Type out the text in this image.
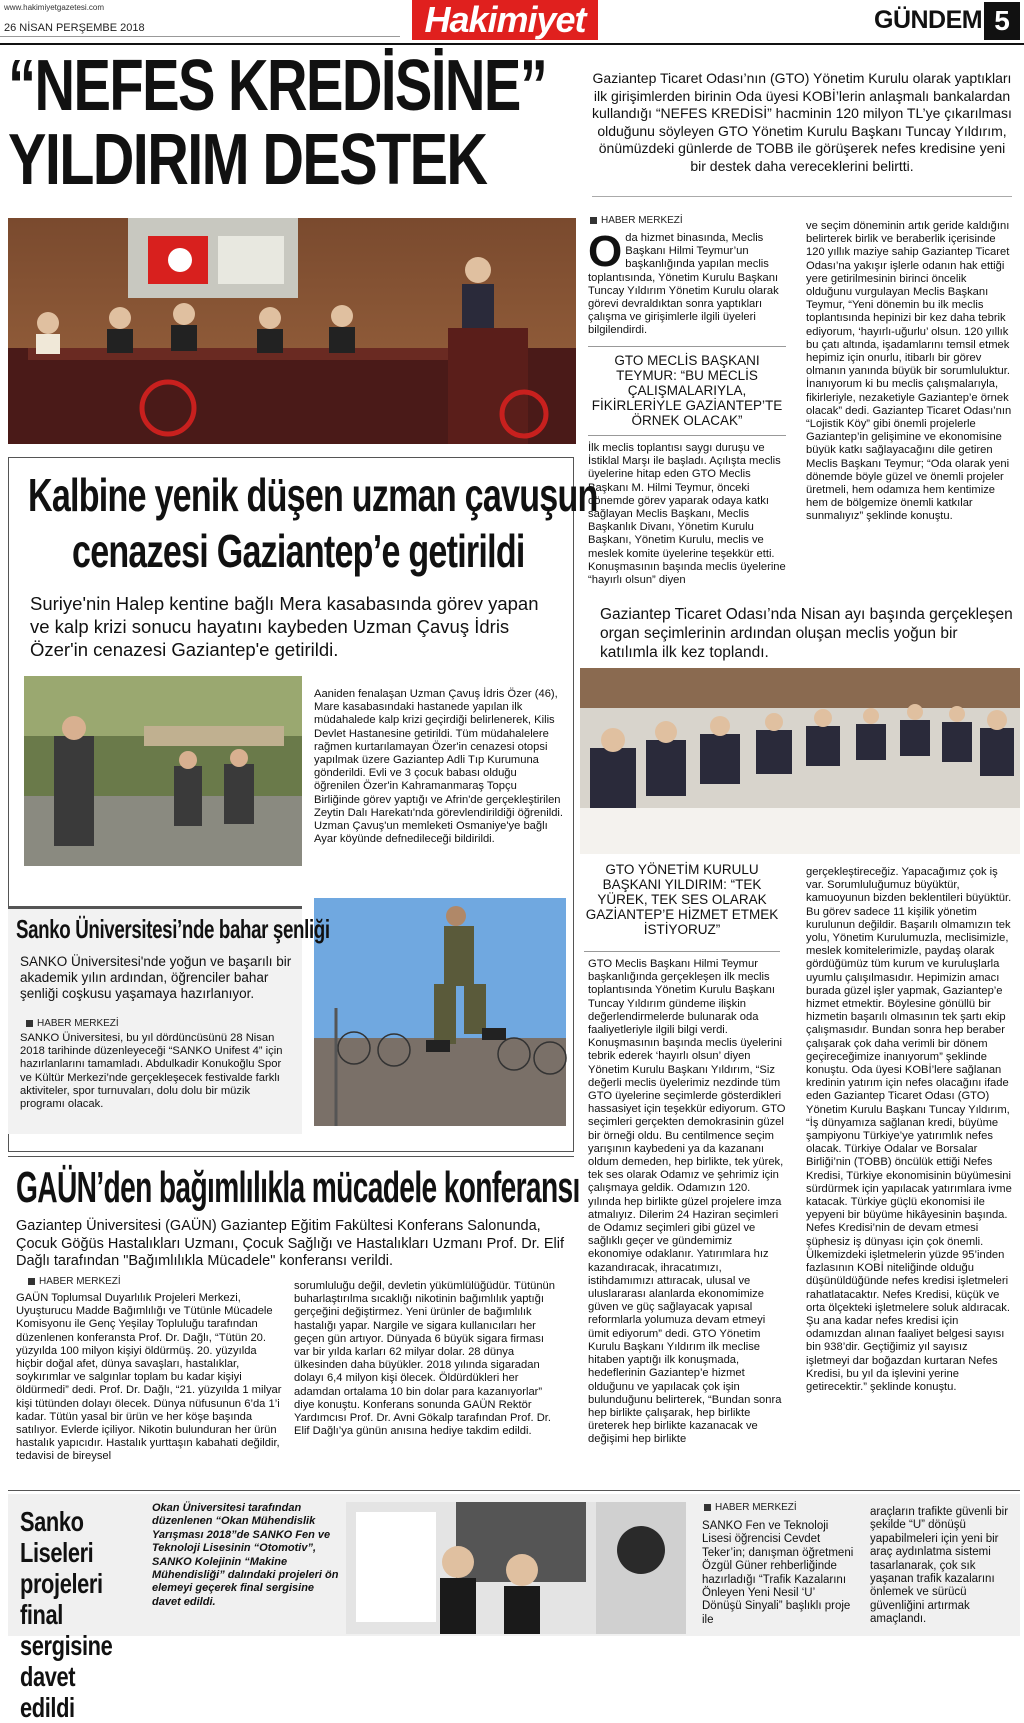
www.hakimiyetgazetesi.com
26 NİSAN PERŞEMBE 2018	Hakimiyet	GÜNDEM 5
“NEFES KREDİSİNE”
YILDIRIM DESTEK
Gaziantep Ticaret Odası’nın (GTO) Yönetim Kurulu olarak yaptıkları ilk girişimlerden birinin Oda üyesi KOBİ’lerin anlaşmalı bankalardan kullandığı “NEFES KREDİSİ” hacminin 120 milyon TL’ye çıkarılması olduğunu söyleyen GTO Yönetim Kurulu Başkanı Tuncay Yıldırım, önümüzdeki günlerde de TOBB ile görüşerek nefes kredisine yeni bir destek daha vereceklerini belirtti.
HABER MERKEZİ
O da hizmet binasında, Meclis Başkanı Hilmi Teymur’un başkanlığında yapılan meclis toplantısında, Yönetim Kurulu Başkanı Tuncay Yıldırım Yönetim Kurulu olarak görevi devraldıktan sonra yaptıkları çalışma ve girişimlerle ilgili üyeleri bilgilendirdi.
GTO MECLİS BAŞKANI TEYMUR: “BU MECLİS ÇALIŞMALARIYLA, FİKİRLERİYLE GAZİANTEP’TE ÖRNEK OLACAK”
İlk meclis toplantısı saygı duruşu ve İstiklal Marşı ile başladı. Açılışta meclis üyelerine hitap eden GTO Meclis Başkanı M. Hilmi Teymur, önceki dönemde görev yaparak odaya katkı sağlayan Meclis Başkanı, Meclis Başkanlık Divanı, Yönetim Kurulu Başkanı, Yönetim Kurulu, meclis ve meslek komite üyelerine teşekkür etti. Konuşmasının başında meclis üyelerine “hayırlı olsun” diyen
ve seçim döneminin artık geride kaldığını belirterek birlik ve beraberlik içerisinde 120 yıllık maziye sahip Gaziantep Ticaret Odası’na yakışır işlerle odanın hak ettiği yere getirilmesinin birinci öncelik olduğunu vurgulayan Meclis Başkanı Teymur, “Yeni dönemin bu ilk meclis toplantısında hepinizi bir kez daha tebrik ediyorum, ‘hayırlı-uğurlu’ olsun. 120 yıllık bu çatı altında, işadamlarını temsil etmek hepimiz için onurlu, itibarlı bir görev olmanın yanında büyük bir sorumluluktur. İnanıyorum ki bu meclis çalışmalarıyla, fikirleriyle, nezaketiyle Gaziantep’e örnek olacak” dedi. Gaziantep Ticaret Odası’nın “Lojistik Köy” gibi önemli projelerle Gaziantep’in gelişimine ve ekonomisine büyük katkı sağlayacağını dile getiren Meclis Başkanı Teymur; “Oda olarak yeni dönemde böyle güzel ve önemli projeler üretmeli, hem odamıza hem kentimize hem de bölgemize önemli katkılar sunmalıyız” şeklinde konuştu.
Gaziantep Ticaret Odası’nda Nisan ayı başında gerçekleşen organ seçimlerinin ardından oluşan meclis yoğun bir katılımla ilk kez toplandı.
GTO YÖNETİM KURULU BAŞKANI YILDIRIM: “TEK YÜREK, TEK SES OLARAK GAZİANTEP’E HİZMET ETMEK İSTİYORUZ”
GTO Meclis Başkanı Hilmi Teymur başkanlığında gerçekleşen ilk meclis toplantısında Yönetim Kurulu Başkanı Tuncay Yıldırım gündeme ilişkin değerlendirmelerde bulunarak oda faaliyetleriyle ilgili bilgi verdi. Konuşmasının başında meclis üyelerini tebrik ederek ‘hayırlı olsun’ diyen Yönetim Kurulu Başkanı Yıldırım, “Siz değerli meclis üyelerimiz nezdinde tüm GTO üyelerine seçimlerde gösterdikleri hassasiyet için teşekkür ediyorum. GTO seçimleri gerçekten demokrasinin güzel bir örneği oldu. Bu centilmence seçim yarışının kaybedeni ya da kazananı oldum demeden, hep birlikte, tek yürek, tek ses olarak Odamız ve şehrimiz için çalışmaya geldik. Odamızın 120. yılında hep birlikte güzel projelere imza atmalıyız. Dilerim 24 Haziran seçimleri de Odamız seçimleri gibi güzel ve sağlıklı geçer ve gündemimiz ekonomiye odaklanır. Yatırımlara hız kazandıracak, ihracatımızı, istihdamımızı attıracak, ulusal ve uluslararası alanlarda ekonomimize güven ve güç sağlayacak yapısal reformlarla yolumuza devam etmeyi ümit ediyorum” dedi. GTO Yönetim Kurulu Başkanı Yıldırım ilk meclise hitaben yaptığı ilk konuşmada, hedeflerinin Gaziantep’e hizmet olduğunu ve yapılacak çok işin bulunduğunu belirterek, “Bundan sonra hep birlikte çalışarak, hep birlikte üreterek hep birlikte kazanacak ve değişimi hep birlikte
gerçekleştireceğiz. Yapacağımız çok iş var. Sorumluluğumuz büyüktür, kamuoyunun bizden beklentileri büyüktür. Bu görev sadece 11 kişilik yönetim kurulunun değildir. Başarılı olmamızın tek yolu, Yönetim Kurulumuzla, meclisimizle, meslek komitelerimizle, paydaş olarak gördüğümüz tüm kurum ve kuruluşlarla uyumlu çalışılmasıdır. Hepimizin amacı burada güzel işler yapmak, Gaziantep’e hizmet etmektir. Böylesine gönüllü bir hizmetin başarılı olmasının tek şartı ekip çalışmasıdır. Bundan sonra hep beraber çalışarak çok daha verimli bir dönem geçireceğimize inanıyorum” şeklinde konuştu. Oda üyesi KOBİ’lere sağlanan kredinin yatırım için nefes olacağını ifade eden Gaziantep Ticaret Odası (GTO) Yönetim Kurulu Başkanı Tuncay Yıldırım, “İş dünyamıza sağlanan kredi, büyüme şampiyonu Türkiye’ye yatırımlık nefes olacak. Türkiye Odalar ve Borsalar Birliği’nin (TOBB) öncülük ettiği Nefes Kredisi, Türkiye ekonomisinin büyümesini sürdürmek için yapılacak yatırımlara ivme katacak. Türkiye güçlü ekonomisi ile yepyeni bir büyüme hikâyesinin başında. Nefes Kredisi’nin de devam etmesi şüphesiz iş dünyası için çok önemli. Ülkemizdeki işletmelerin yüzde 95’inden fazlasının KOBİ niteliğinde olduğu düşünüldüğünde nefes kredisi işletmeleri rahatlatacaktır. Nefes Kredisi, küçük ve orta ölçekteki işletmelere soluk aldıracak. Şu ana kadar nefes kredisi için odamızdan alınan faaliyet belgesi sayısı bin 938’dir. Geçtiğimiz yıl sayısız işletmeyi dar boğazdan kurtaran Nefes Kredisi, bu yıl da işlevini yerine getirecektir.” şeklinde konuştu.
Kalbine yenik düşen uzman çavuşun
cenazesi Gaziantep’e getirildi
Suriye'nin Halep kentine bağlı Mera kasabasında görev yapan ve kalp krizi sonucu hayatını kaybeden Uzman Çavuş İdris Özer'in cenazesi Gaziantep'e getirildi.
Aaniden fenalaşan Uzman Çavuş İdris Özer (46), Mare kasabasındaki hastanede yapılan ilk müdahalede kalp krizi geçirdiği belirlenerek, Kilis Devlet Hastanesine getirildi. Tüm müdahalelere rağmen kurtarılamayan Özer'in cenazesi otopsi yapılmak üzere Gaziantep Adli Tıp Kurumuna gönderildi. Evli ve 3 çocuk babası olduğu öğrenilen Özer'in Kahramanmaraş Topçu Birliğinde görev yaptığı ve Afrin'de gerçekleştirilen Zeytin Dalı Harekatı'nda görevlendirildiği öğrenildi. Uzman Çavuş'un memleketi Osmaniye'ye bağlı Ayar köyünde defnedileceği bildirildi.
Sanko Üniversitesi’nde bahar şenliği
SANKO Üniversitesi'nde yoğun ve başarılı bir akademik yılın ardından, öğrenciler bahar şenliği coşkusu yaşamaya hazırlanıyor.
HABER MERKEZİ
SANKO Üniversitesi, bu yıl dördüncüsünü 28 Nisan 2018 tarihinde düzenleyeceği “SANKO Unifest 4” için hazırlanlarını tamamladı. Abdulkadir Konukoğlu Spor ve Kültür Merkezi’nde gerçekleşecek festivalde farklı aktiviteler, spor turnuvaları, dolu dolu bir müzik programı olacak.
GAÜN’den bağımlılıkla mücadele konferansı
Gaziantep Üniversitesi (GAÜN) Gaziantep Eğitim Fakültesi Konferans Salonunda, Çocuk Göğüs Hastalıkları Uzmanı, Çocuk Sağlığı ve Hastalıkları Uzmanı Prof. Dr. Elif Dağlı tarafından "Bağımlılıkla Mücadele" konferansı verildi.
HABER MERKEZİ
GAÜN Toplumsal Duyarlılık Projeleri Merkezi, Uyuşturucu Madde Bağımlılığı ve Tütünle Mücadele Komisyonu ile Genç Yeşilay Topluluğu tarafından düzenlenen konferansta Prof. Dr. Dağlı, “Tütün 20. yüzyılda 100 milyon kişiyi öldürmüş. 20. yüzyılda hiçbir doğal afet, dünya savaşları, hastalıklar, soykırımlar ve salgınlar toplam bu kadar kişiyi öldürmedi” dedi. Prof. Dr. Dağlı, “21. yüzyılda 1 milyar kişi tütünden dolayı ölecek. Dünya nüfusunun 6’da 1’i kadar. Tütün yasal bir ürün ve her köşe başında satılıyor. Evlerde içiliyor. Nikotin bulunduran her ürün hastalık yapıcıdır. Hastalık yurttaşın kabahati değildir, tedavisi de bireysel
sorumluluğu değil, devletin yükümlülüğüdür. Tütünün buharlaştırılma sıcaklığı nikotinin bağımlılık yaptığı gerçeğini değiştirmez. Yeni ürünler de bağımlılık hastalığı yapar. Nargile ve sigara kullanıcıları her geçen gün artıyor. Dünyada 6 büyük sigara firması var bir yılda karları 62 milyar dolar. 28 dünya ülkesinden daha büyükler. 2018 yılında sigaradan dolayı 6,4 milyon kişi ölecek. Öldürdükleri her adamdan ortalama 10 bin dolar para kazanıyorlar” diye konuştu. Konferans sonunda GAÜN Rektör Yardımcısı Prof. Dr. Avni Gökalp tarafından Prof. Dr. Elif Dağlı’ya günün anısına hediye takdim edildi.
Sanko Liseleri projeleri final sergisine davet edildi
Okan Üniversitesi tarafından düzenlenen “Okan Mühendislik Yarışması 2018”de SANKO Fen ve Teknoloji Lisesinin “Otomotiv”, SANKO Kolejinin “Makine Mühendisliği” dalındaki projeleri ön elemeyi geçerek final sergisine davet edildi.
HABER MERKEZİ
SANKO Fen ve Teknoloji Lisesi öğrencisi Cevdet Teker’in; danışman öğretmeni Özgül Güner rehberliğinde hazırladığı “Trafik Kazalarını Önleyen Yeni Nesil ‘U’ Dönüşü Sinyali” başlıklı proje ile
araçların trafikte güvenli bir şekilde “U” dönüşü yapabilmeleri için yeni bir araç aydınlatma sistemi tasarlanarak, çok sık yaşanan trafik kazalarını önlemek ve sürücü güvenliğini artırmak amaçlandı.
